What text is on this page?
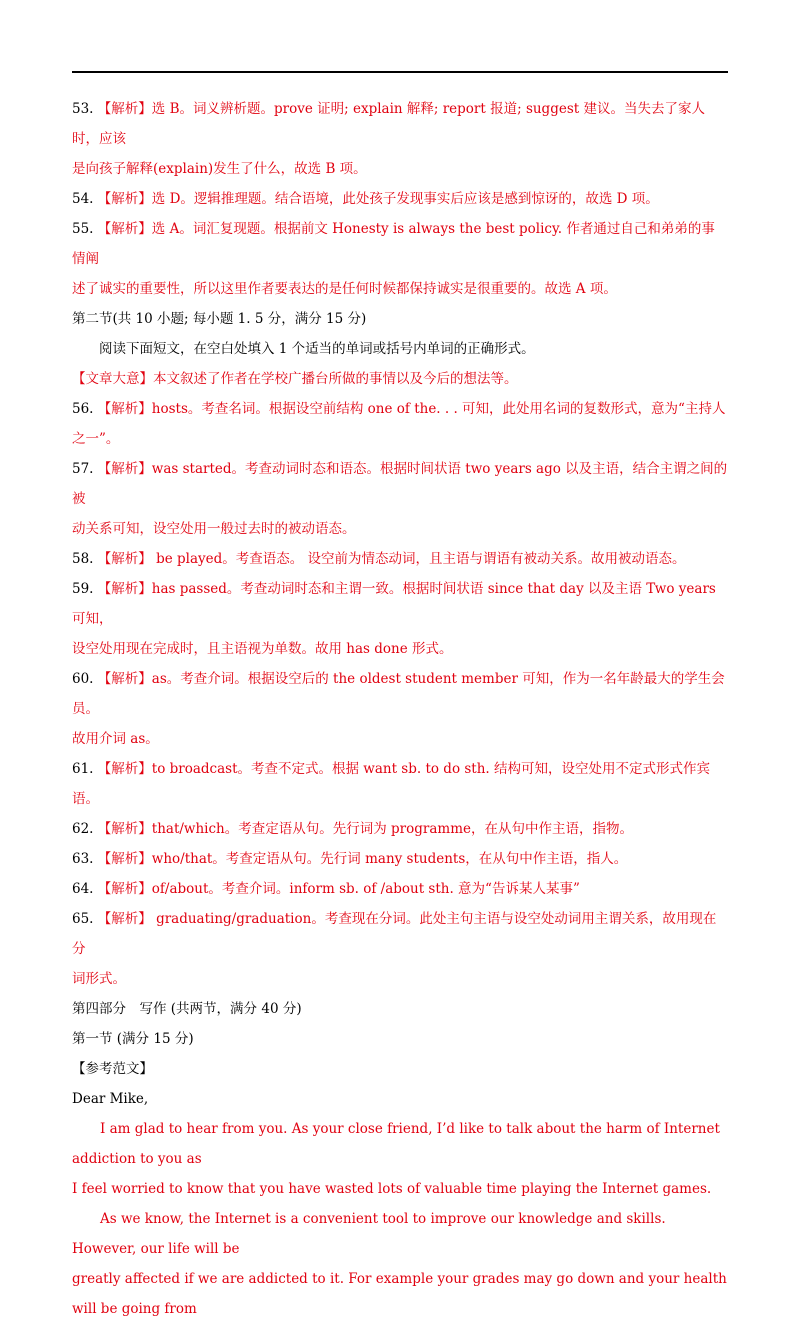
53. 【解析】选 B。词义辨析题。prove 证明; explain 解释; report 报道; suggest 建议。当失去了家人时，应该

是向孩子解释(explain)发生了什么，故选 B 项。

54. 【解析】选 D。逻辑推理题。结合语境，此处孩子发现事实后应该是感到惊讶的，故选 D 项。

55. 【解析】选 A。词汇复现题。根据前文 Honesty is always the best policy. 作者通过自己和弟弟的事情阐

述了诚实的重要性，所以这里作者要表达的是任何时候都保持诚实是很重要的。故选 A 项。

第二节(共 10 小题; 每小题 1. 5 分，满分 15 分)

阅读下面短文，在空白处填入 1 个适当的单词或括号内单词的正确形式。

【文章大意】本文叙述了作者在学校广播台所做的事情以及今后的想法等。

56. 【解析】hosts。考查名词。根据设空前结构 one of the. . . 可知，此处用名词的复数形式，意为“主持人

之一”。

57. 【解析】was started。考查动词时态和语态。根据时间状语 two years ago 以及主语，结合主谓之间的被

动关系可知，设空处用一般过去时的被动语态。

58. 【解析】 be played。考查语态。 设空前为情态动词，且主语与谓语有被动关系。故用被动语态。

59. 【解析】has passed。考查动词时态和主谓一致。根据时间状语 since that day 以及主语 Two years 可知，

设空处用现在完成时，且主语视为单数。故用 has done 形式。

60. 【解析】as。考查介词。根据设空后的 the oldest student member 可知，作为一名年龄最大的学生会员。

故用介词 as。

61. 【解析】to broadcast。考查不定式。根据 want sb. to do sth. 结构可知，设空处用不定式形式作宾语。

62. 【解析】that/which。考查定语从句。先行词为 programme，在从句中作主语，指物。

63. 【解析】who/that。考查定语从句。先行词 many students，在从句中作主语，指人。

64. 【解析】of/about。考查介词。inform sb. of /about sth. 意为“告诉某人某事”

65. 【解析】 graduating/graduation。考查现在分词。此处主句主语与设空处动词用主谓关系，故用现在分

词形式。

第四部分　写作 (共两节，满分 40 分)

第一节 (满分 15 分)

【参考范文】

Dear Mike,

I am glad to hear from you. As your close friend, I’d like to talk about the harm of Internet addiction to you as

I feel worried to know that you have wasted lots of valuable time playing the Internet games.

As we know, the Internet is a convenient tool to improve our knowledge and skills. However, our life will be

greatly affected if we are addicted to it. For example your grades may go down and your health will be going from
